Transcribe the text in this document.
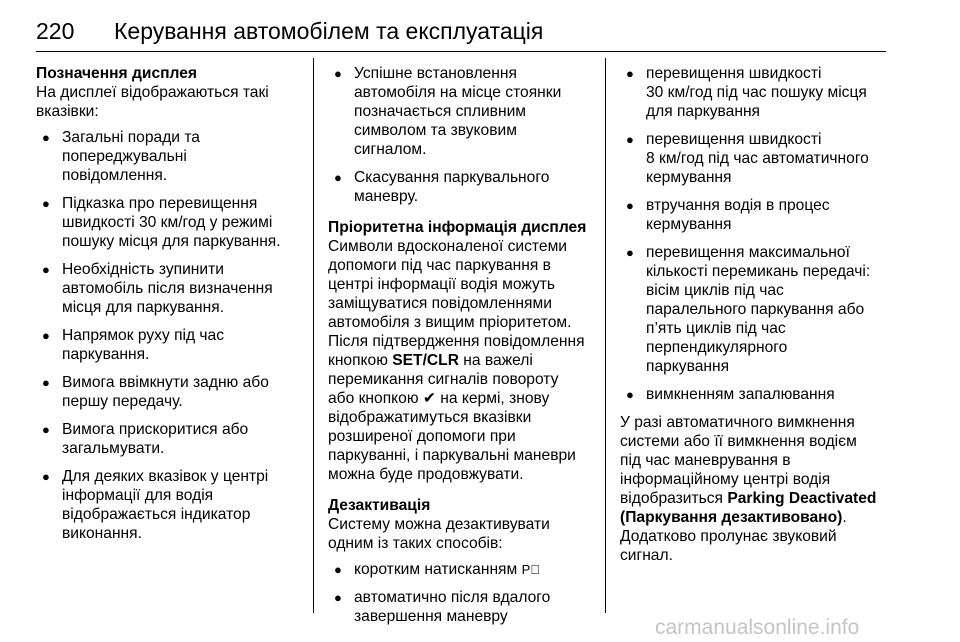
220 Керування автомобілем та експлуатація
Позначення дисплея

На дисплеї відображаються такі вказівки:

● Загальні поради та
попереджувальні
повідомлення.
● Підказка про перевищення
швидкості 30 км/год у режимі
пошуку місця для паркування.
● Необхідність зупинити
автомобіль після визначення
місця для паркування.
● Напрямок руху під час
паркування.
● Вимога ввімкнути задню або
першу передачу.
● Вимога прискоритися або
загальмувати.
● Для деяких вказівок у центрі
інформації для водія
відображається індикатор
виконання.
● Успішне встановлення
автомобіля на місце стоянки
позначається спливним
символом та звуковим
сигналом.
● Скасування паркувального
маневру.
Пріоритетна інформація дисплея

Символи вдосконаленої системи
допомоги під час паркування в
центрі інформації водія можуть
заміщуватися повідомленнями
автомобіля з вищим пріоритетом.
Після підтвердження повідомлення
кнопкою SET/CLR на важелі
перемикання сигналів повороту
або кнопкою ✔ на кермі, знову
відображатимуться вказівки
розширеної допомоги при
паркуванні, і паркувальні маневри
можна буде продовжувати.

Дезактивація

Систему можна дезактивувати
одним із таких способів:

● коротким натисканням P⃣
● автоматично після вдалого
завершення маневру
● перевищення швидкості
30 км/год під час пошуку місця
для паркування
● перевищення швидкості
8 км/год під час автоматичного
кермування
● втручання водія в процес
кермування
● перевищення максимальної
кількості перемикань передачі:
вісім циклів під час
паралельного паркування або
п’ять циклів під час
перпендикулярного
паркування
● вимкненням запалювання

У разі автоматичного вимкнення
системи або її вимкнення водієм
під час маневрування в
інформаційному центрі водія
відобразиться Parking Deactivated
(Паркування дезактивовано).
Додатково пролунає звуковий
сигнал.

carmanualsonline.info
